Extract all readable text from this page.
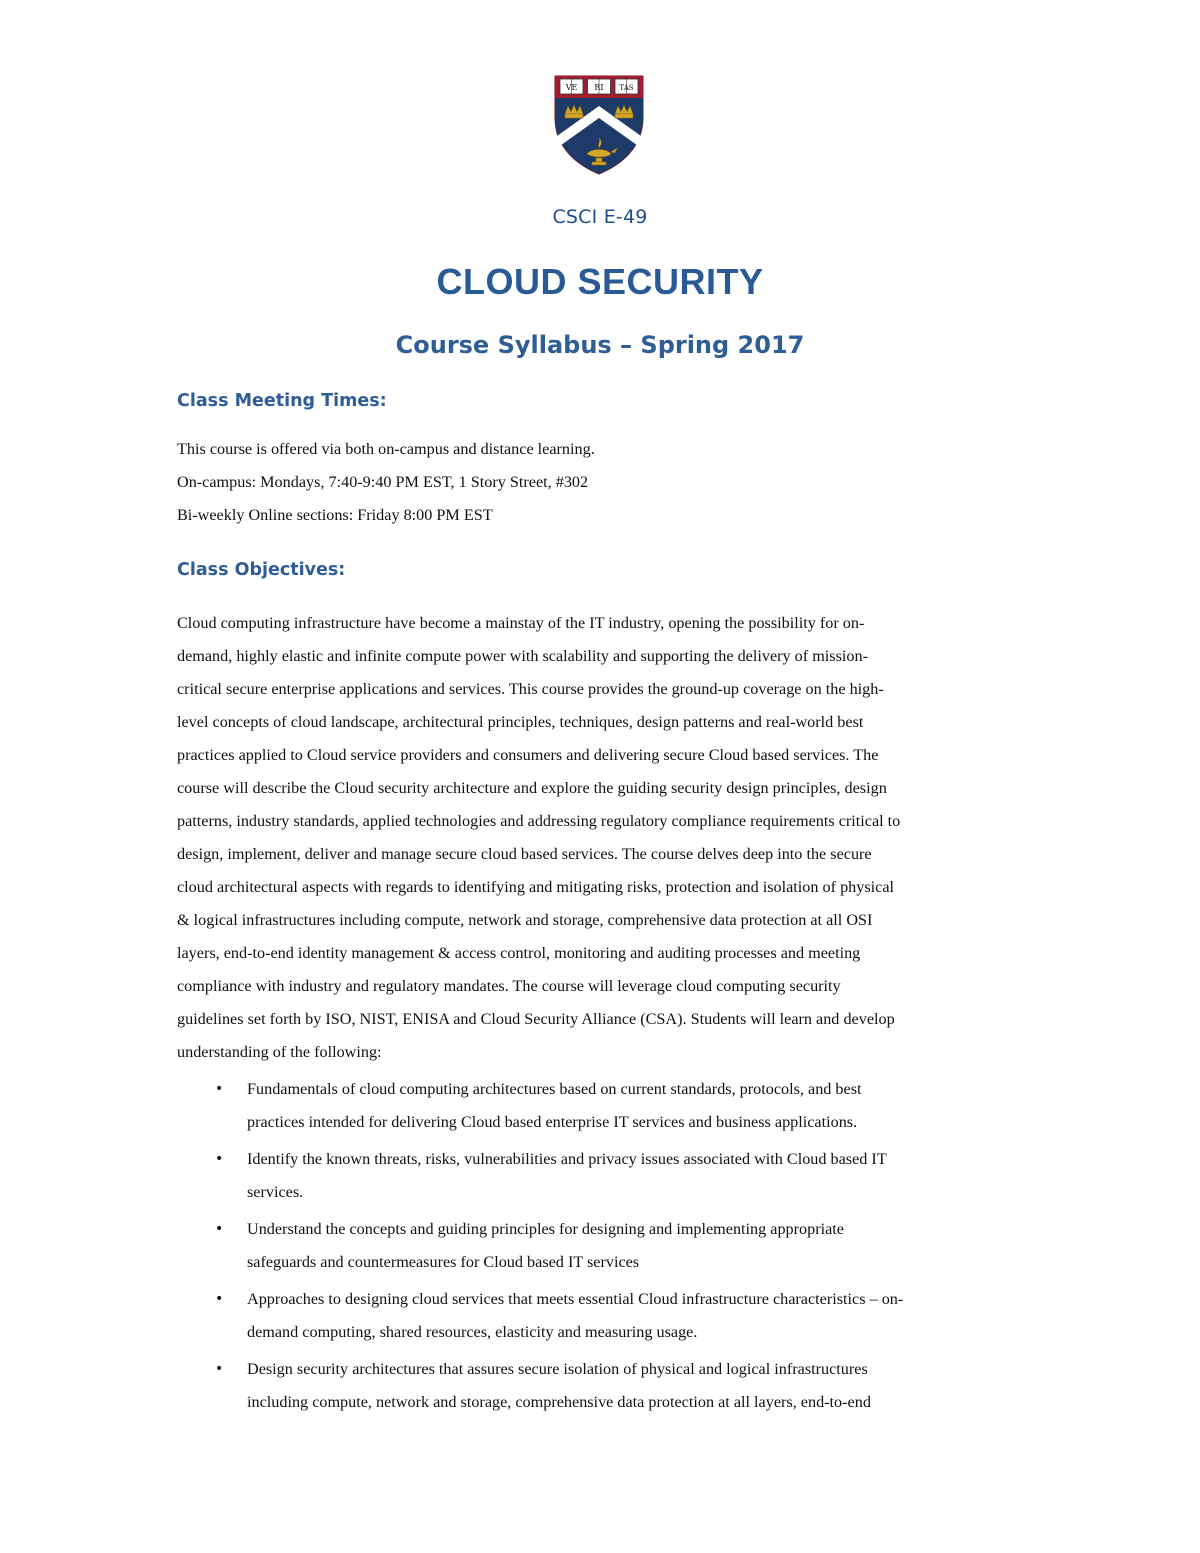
VE RI TAS
CSCI E-49
CLOUD SECURITY
Course Syllabus – Spring 2017
Class Meeting Times:
This course is offered via both on-campus and distance learning.
On-campus: Mondays, 7:40-9:40 PM EST, 1 Story Street, #302
Bi-weekly Online sections: Friday 8:00 PM EST
Class Objectives:
Cloud computing infrastructure have become a mainstay of the IT industry, opening the possibility for on-
demand, highly elastic and infinite compute power with scalability and supporting the delivery of mission-
critical secure enterprise applications and services. This course provides the ground-up coverage on the high-
level concepts of cloud landscape, architectural principles, techniques, design patterns and real-world best
practices applied to Cloud service providers and consumers and delivering secure Cloud based services. The
course will describe the Cloud security architecture and explore the guiding security design principles, design
patterns, industry standards, applied technologies and addressing regulatory compliance requirements critical to
design, implement, deliver and manage secure cloud based services. The course delves deep into the secure
cloud architectural aspects with regards to identifying and mitigating risks, protection and isolation of physical
& logical infrastructures including compute, network and storage, comprehensive data protection at all OSI
layers, end-to-end identity management & access control, monitoring and auditing processes and meeting
compliance with industry and regulatory mandates. The course will leverage cloud computing security
guidelines set forth by ISO, NIST, ENISA and Cloud Security Alliance (CSA). Students will learn and develop
understanding of the following:
• Fundamentals of cloud computing architectures based on current standards, protocols, and best
practices intended for delivering Cloud based enterprise IT services and business applications.
• Identify the known threats, risks, vulnerabilities and privacy issues associated with Cloud based IT
services.
• Understand the concepts and guiding principles for designing and implementing appropriate
safeguards and countermeasures for Cloud based IT services
• Approaches to designing cloud services that meets essential Cloud infrastructure characteristics – on-
demand computing, shared resources, elasticity and measuring usage.
• Design security architectures that assures secure isolation of physical and logical infrastructures
including compute, network and storage, comprehensive data protection at all layers, end-to-end
